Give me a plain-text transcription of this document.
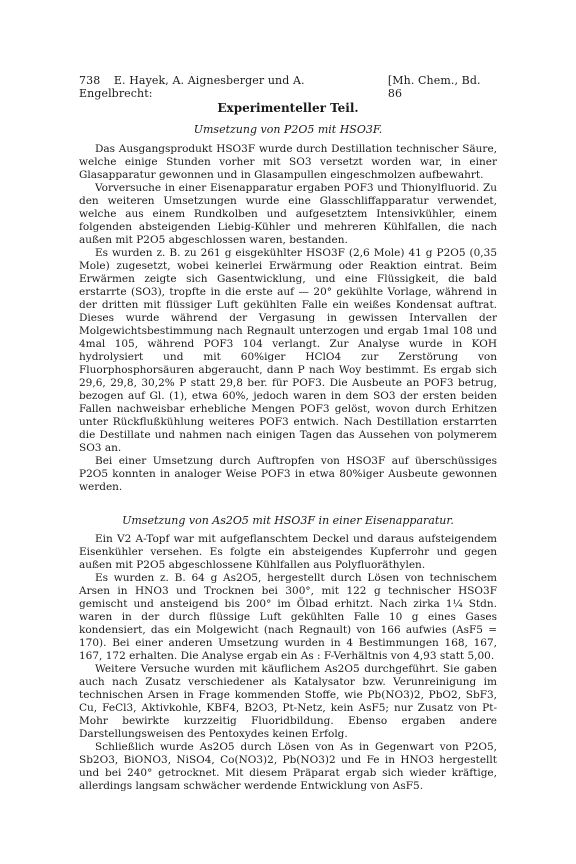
738 E. Hayek, A. Aignesberger und A. Engelbrecht:
[Mh. Chem., Bd. 86
Experimenteller Teil.
Umsetzung von P2O5 mit HSO3F.

Das Ausgangsprodukt HSO3F wurde durch Destillation technischer Säure, welche einige Stunden vorher mit SO3 versetzt worden war, in einer Glasapparatur gewonnen und in Glasampullen eingeschmolzen aufbewahrt.

Vorversuche in einer Eisenapparatur ergaben POF3 und Thionylfluorid. Zu den weiteren Umsetzungen wurde eine Glasschliffapparatur verwendet, welche aus einem Rundkolben und aufgesetztem Intensivkühler, einem folgenden absteigenden Liebig-Kühler und mehreren Kühlfallen, die nach außen mit P2O5 abgeschlossen waren, bestanden.

Es wurden z. B. zu 261 g eisgekühlter HSO3F (2,6 Mole) 41 g P2O5 (0,35 Mole) zugesetzt, wobei keinerlei Erwärmung oder Reaktion eintrat. Beim Erwärmen zeigte sich Gasentwicklung, und eine Flüssigkeit, die bald erstarrte (SO3), tropfte in die erste auf — 20° gekühlte Vorlage, während in der dritten mit flüssiger Luft gekühlten Falle ein weißes Kondensat auftrat. Dieses wurde während der Vergasung in gewissen Intervallen der Molgewichtsbestimmung nach Regnault unterzogen und ergab 1mal 108 und 4mal 105, während POF3 104 verlangt. Zur Analyse wurde in KOH hydrolysiert und mit 60%iger HClO4 zur Zerstörung von Fluorphosphorsäuren abgeraucht, dann P nach Woy bestimmt. Es ergab sich 29,6, 29,8, 30,2% P statt 29,8 ber. für POF3. Die Ausbeute an POF3 betrug, bezogen auf Gl. (1), etwa 60%, jedoch waren in dem SO3 der ersten beiden Fallen nachweisbar erhebliche Mengen POF3 gelöst, wovon durch Erhitzen unter Rückflußkühlung weiteres POF3 entwich. Nach Destillation erstarrten die Destillate und nahmen nach einigen Tagen das Aussehen von polymerem SO3 an.

Bei einer Umsetzung durch Auftropfen von HSO3F auf überschüssiges P2O5 konnten in analoger Weise POF3 in etwa 80%iger Ausbeute gewonnen werden.

Umsetzung von As2O5 mit HSO3F in einer Eisenapparatur.

Ein V2 A-Topf war mit aufgeflanschtem Deckel und daraus aufsteigendem Eisenkühler versehen. Es folgte ein absteigendes Kupferrohr und gegen außen mit P2O5 abgeschlossene Kühlfallen aus Polyfluoräthylen.

Es wurden z. B. 64 g As2O5, hergestellt durch Lösen von technischem Arsen in HNO3 und Trocknen bei 300°, mit 122 g technischer HSO3F gemischt und ansteigend bis 200° im Ölbad erhitzt. Nach zirka 1¼ Stdn. waren in der durch flüssige Luft gekühlten Falle 10 g eines Gases kondensiert, das ein Molgewicht (nach Regnault) von 166 aufwies (AsF5 = 170). Bei einer anderen Umsetzung wurden in 4 Bestimmungen 168, 167, 167, 172 erhalten. Die Analyse ergab ein As : F-Verhältnis von 4,93 statt 5,00.

Weitere Versuche wurden mit käuflichem As2O5 durchgeführt. Sie gaben auch nach Zusatz verschiedener als Katalysator bzw. Verunreinigung im technischen Arsen in Frage kommenden Stoffe, wie Pb(NO3)2, PbO2, SbF3, Cu, FeCl3, Aktivkohle, KBF4, B2O3, Pt-Netz, kein AsF5; nur Zusatz von Pt-Mohr bewirkte kurzzeitig Fluoridbildung. Ebenso ergaben andere Darstellungsweisen des Pentoxydes keinen Erfolg.

Schließlich wurde As2O5 durch Lösen von As in Gegenwart von P2O5, Sb2O3, BiONO3, NiSO4, Co(NO3)2, Pb(NO3)2 und Fe in HNO3 hergestellt und bei 240° getrocknet. Mit diesem Präparat ergab sich wieder kräftige, allerdings langsam schwächer werdende Entwicklung von AsF5.
